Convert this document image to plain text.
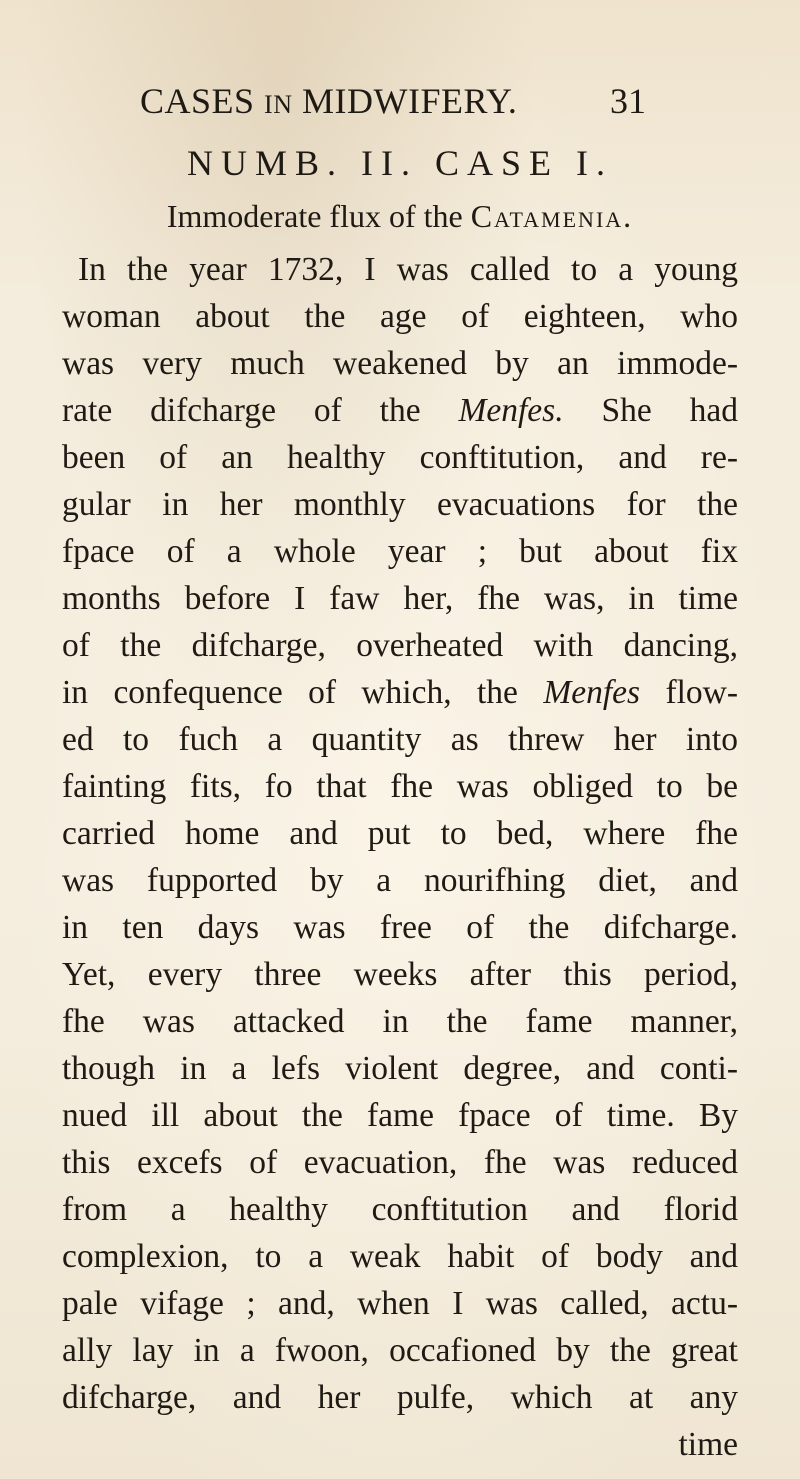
CASES IN MIDWIFERY.	31
NUMB. II. CASE I.
Immoderate flux of the Catamenia.
In the year 1732, I was called to a young
woman about the age of eighteen, who
was very much weakened by an immode-
rate difcharge of the Menfes. She had
been of an healthy conftitution, and re-
gular in her monthly evacuations for the
fpace of a whole year ; but about fix
months before I faw her, fhe was, in time
of the difcharge, overheated with dancing,
in confequence of which, the Menfes flow-
ed to fuch a quantity as threw her into
fainting fits, fo that fhe was obliged to be
carried home and put to bed, where fhe
was fupported by a nourifhing diet, and
in ten days was free of the difcharge.
Yet, every three weeks after this period,
fhe was attacked in the fame manner,
though in a lefs violent degree, and conti-
nued ill about the fame fpace of time. By
this excefs of evacuation, fhe was reduced
from a healthy conftitution and florid
complexion, to a weak habit of body and
pale vifage ; and, when I was called, actu-
ally lay in a fwoon, occafioned by the great
difcharge, and her pulfe, which at any
time
